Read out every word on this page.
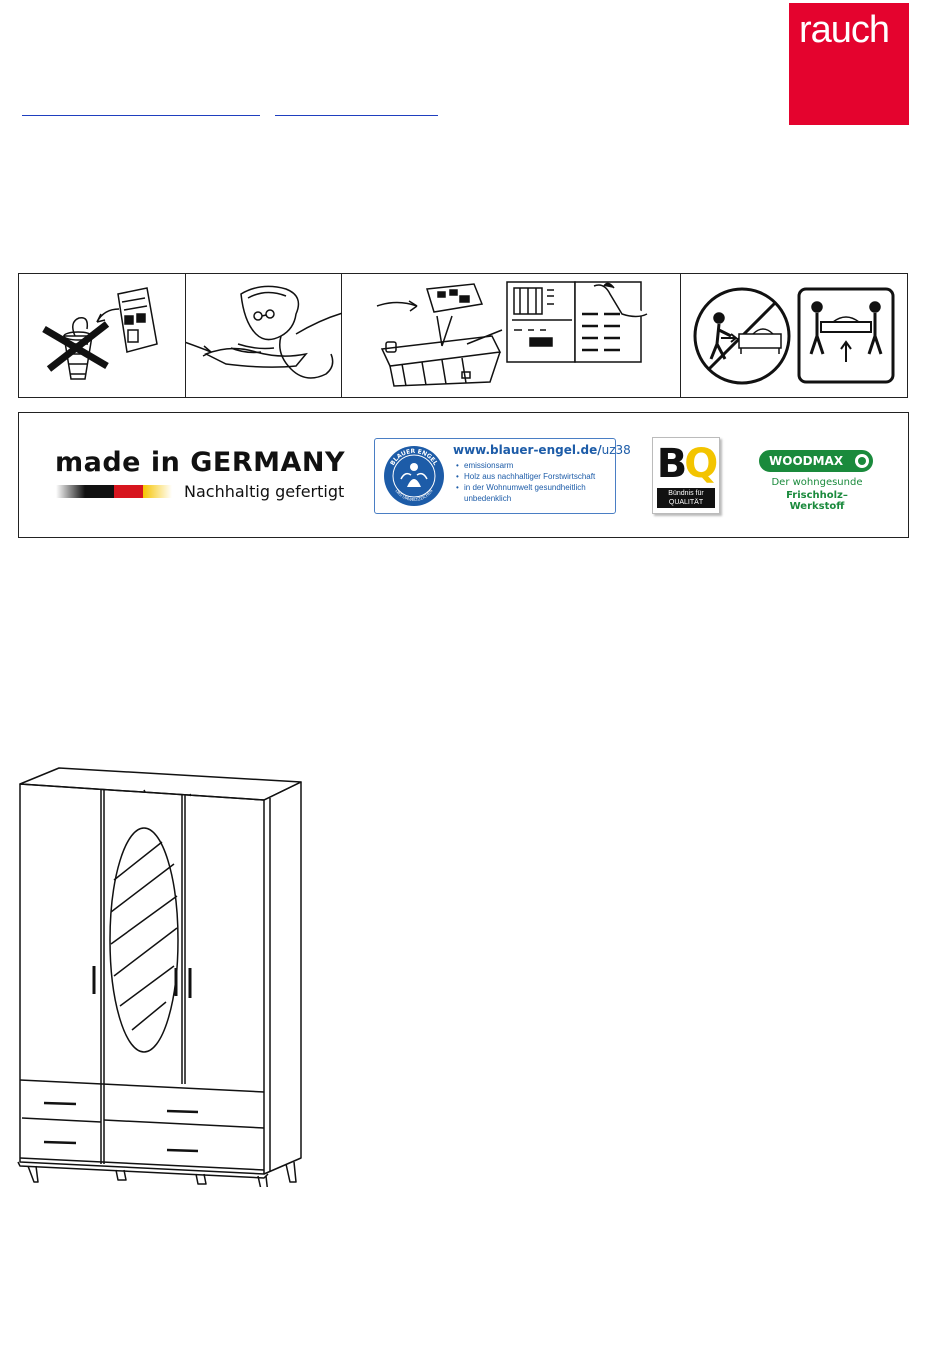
rauch
made in GERMANY
Nachhaltig gefertigt
BLAUER ENGEL
DAS UMWELTZEICHEN
www.blauer-engel.de/uz38
• emissionsarm
• Holz aus nachhaltiger Forstwirtschaft
• in der Wohnumwelt gesundheitlich unbedenklich
BQ
Bündnis für
QUALITÄT
WOODMAX
Der wohngesunde
Frischholz–Werkstoff
